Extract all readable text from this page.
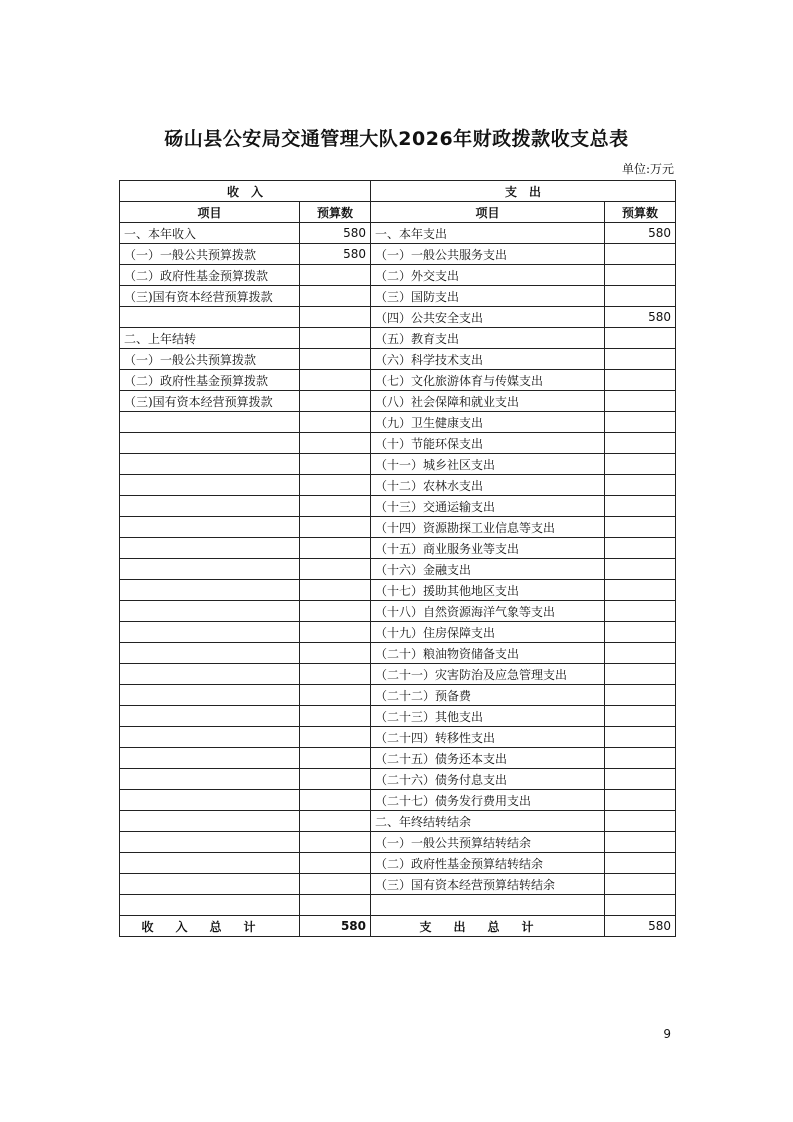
砀山县公安局交通管理大队2026年财政拨款收支总表
单位:万元
收　入		支　出	
项目	预算数	项目	预算数
一、本年收入	580	一、本年支出	580
（一）一般公共预算拨款	580	（一）一般公共服务支出	
（二）政府性基金预算拨款		（二）外交支出	
（三)国有资本经营预算拨款		（三）国防支出	
		（四）公共安全支出	580
二、上年结转		（五）教育支出	
（一）一般公共预算拨款		（六）科学技术支出	
（二）政府性基金预算拨款		（七）文化旅游体育与传媒支出	
（三)国有资本经营预算拨款		（八）社会保障和就业支出	
		（九）卫生健康支出	
		（十）节能环保支出	
		（十一）城乡社区支出	
		（十二）农林水支出	
		（十三）交通运输支出	
		（十四）资源勘探工业信息等支出	
		（十五）商业服务业等支出	
		（十六）金融支出	
		（十七）援助其他地区支出	
		（十八）自然资源海洋气象等支出	
		（十九）住房保障支出	
		（二十）粮油物资储备支出	
		（二十一）灾害防治及应急管理支出	
		（二十二）预备费	
		（二十三）其他支出	
		（二十四）转移性支出	
		（二十五）债务还本支出	
		（二十六）债务付息支出	
		（二十七）债务发行费用支出	
		二、年终结转结余	
		（一）一般公共预算结转结余	
		（二）政府性基金预算结转结余	
		（三）国有资本经营预算结转结余	

收入总计	580	支出总计	580
9
